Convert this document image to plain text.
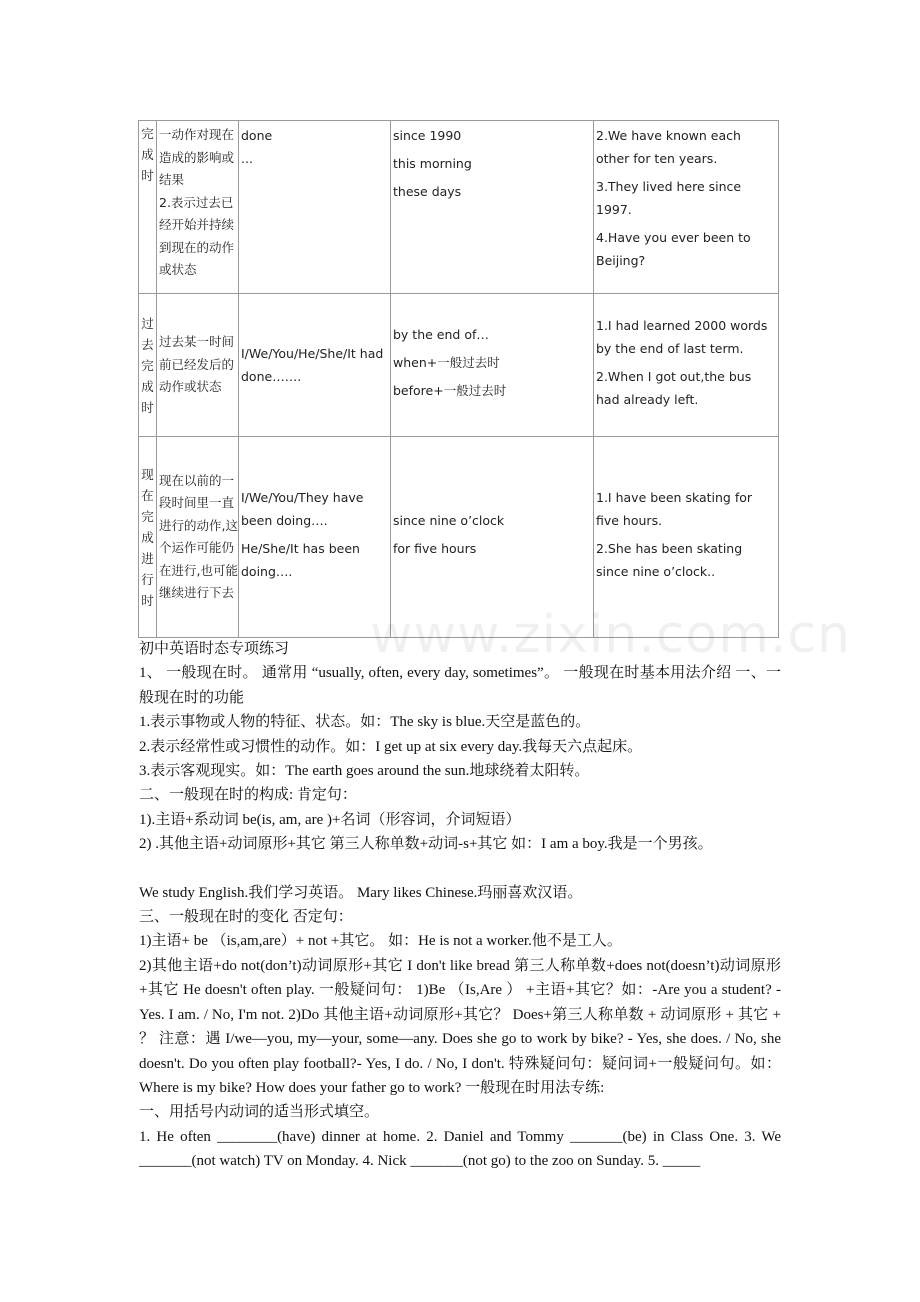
完成时	一动作对现在造成的影响或结果
2.表示过去已经开始并持续到现在的动作或状态	done
...	since 1990
this morning
these days	2.We have known each other for ten years.
3.They lived here since 1997.
4.Have you ever been to Beijing?

过去完成时	过去某一时间前已经发后的动作或状态	I/We/You/He/She/It had done…….	by the end of…
when+一般过去时
before+一般过去时	1.I had learned 2000 words by the end of last term.
2.When I got out,the bus had already left.

现在完成进行时	现在以前的一段时间里一直进行的动作,这个运作可能仍在进行,也可能继续进行下去	I/We/You/They have been doing….
He/She/It has been doing….	since nine o’clock
for five hours	1.I have been skating for five hours.
2.She has been skating since nine o’clock..
www.zixin.com.cn
初中英语时态专项练习
1、 一般现在时。 通常用 “usually, often, every day, sometimes”。 一般现在时基本用法介绍 一、一般现在时的功能
1.表示事物或人物的特征、状态。如：The sky is blue.天空是蓝色的。
2.表示经常性或习惯性的动作。如：I get up at six every day.我每天六点起床。
3.表示客观现实。如：The earth goes around the sun.地球绕着太阳转。
二、一般现在时的构成: 肯定句：
1).主语+系动词 be(is, am, are )+名词（形容词，介词短语）
2) .其他主语+动词原形+其它 第三人称单数+动词-s+其它 如：I am a boy.我是一个男孩。
We study English.我们学习英语。 Mary likes Chinese.玛丽喜欢汉语。
三、一般现在时的变化 否定句：
1)主语+ be （is,am,are）+ not +其它。 如：He is not a worker.他不是工人。
2)其他主语+do not(don’t)动词原形+其它 I don't like bread 第三人称单数+does not(doesn’t)动词原形+其它 He doesn't often play. 一般疑问句： 1)Be （Is,Are ） +主语+其它？如：-Are you a student? -Yes. I am. / No, I'm not. 2)Do 其他主语+动词原形+其它？ Does+第三人称单数 + 动词原形 + 其它 + ？ 注意：遇 I/we—you, my—your, some—any. Does she go to work by bike? - Yes, she does. / No, she doesn't. Do you often play football?- Yes, I do. / No, I don't. 特殊疑问句：疑问词+一般疑问句。如：Where is my bike? How does your father go to work? 一般现在时用法专练:
一、用括号内动词的适当形式填空。
1. He often ________(have) dinner at home. 2. Daniel and Tommy _______(be) in Class One. 3. We _______(not watch) TV on Monday. 4. Nick _______(not go) to the zoo on Sunday. 5. _____
